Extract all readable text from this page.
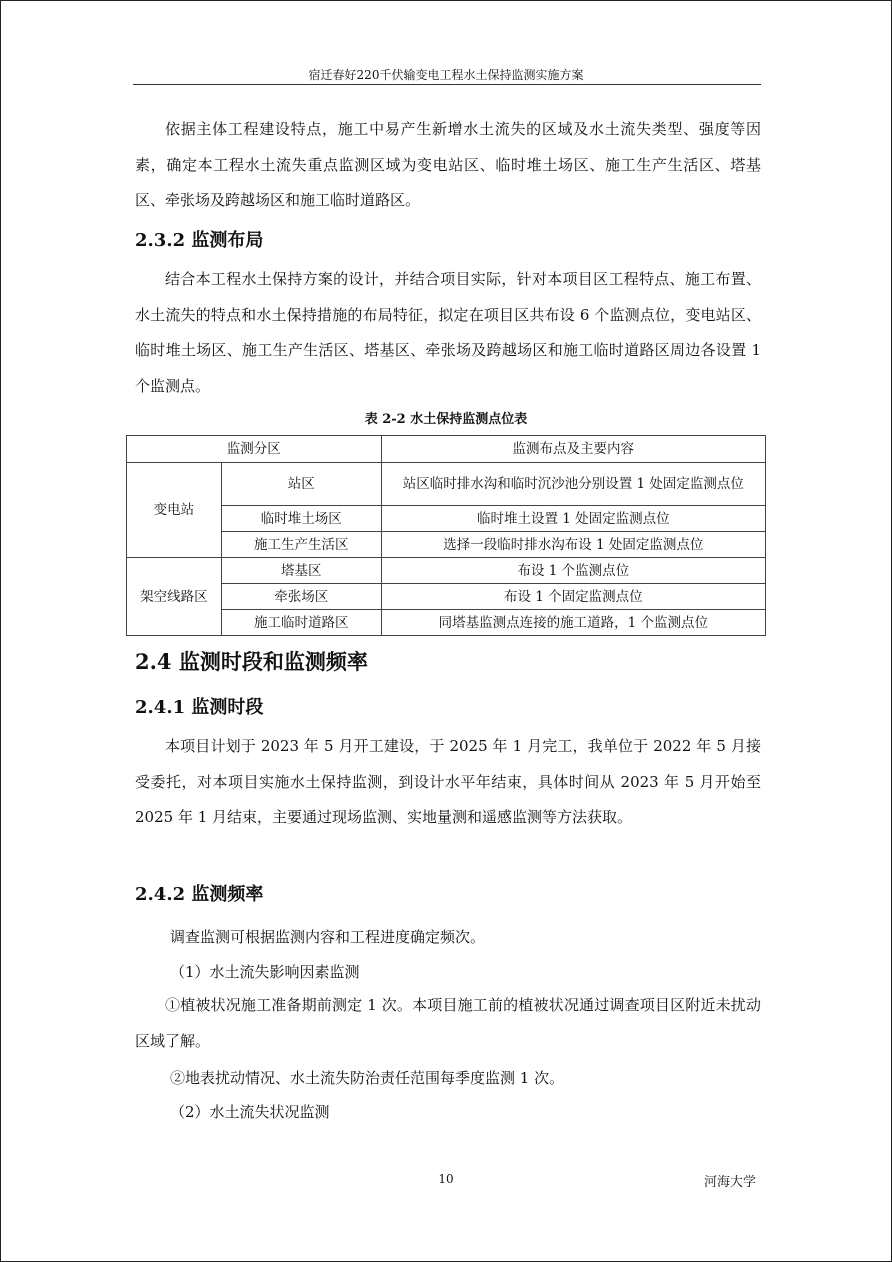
宿迁春好220千伏输变电工程水土保持监测实施方案
依据主体工程建设特点，施工中易产生新增水土流失的区域及水土流失类型、强度等因素，确定本工程水土流失重点监测区域为变电站区、临时堆土场区、施工生产生活区、塔基区、牵张场及跨越场区和施工临时道路区。
2.3.2 监测布局
结合本工程水土保持方案的设计，并结合项目实际，针对本项目区工程特点、施工布置、水土流失的特点和水土保持措施的布局特征，拟定在项目区共布设 6 个监测点位，变电站区、临时堆土场区、施工生产生活区、塔基区、牵张场及跨越场区和施工临时道路区周边各设置 1 个监测点。
表 2-2 水土保持监测点位表
监测分区		监测布点及主要内容
变电站	站区	站区临时排水沟和临时沉沙池分别设置 1 处固定监测点位
	临时堆土场区	临时堆土设置 1 处固定监测点位
	施工生产生活区	选择一段临时排水沟布设 1 处固定监测点位
架空线路区	塔基区	布设 1 个监测点位
	牵张场区	布设 1 个固定监测点位
	施工临时道路区	同塔基监测点连接的施工道路，1 个监测点位
2.4 监测时段和监测频率
2.4.1 监测时段
本项目计划于 2023 年 5 月开工建设，于 2025 年 1 月完工，我单位于 2022 年 5 月接受委托，对本项目实施水土保持监测，到设计水平年结束，具体时间从 2023 年 5 月开始至 2025 年 1 月结束，主要通过现场监测、实地量测和遥感监测等方法获取。
2.4.2 监测频率
调查监测可根据监测内容和工程进度确定频次。
（1）水土流失影响因素监测
①植被状况施工准备期前测定 1 次。本项目施工前的植被状况通过调查项目区附近未扰动区域了解。
②地表扰动情况、水土流失防治责任范围每季度监测 1 次。
（2）水土流失状况监测
10	河海大学
